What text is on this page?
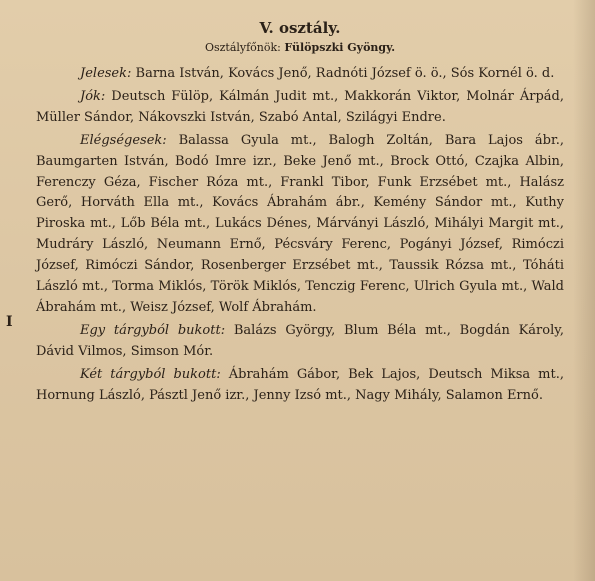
I
V. osztály.
Osztályfőnök: Fülöpszki Gyöngy.

Jelesek: Barna István, Kovács Jenő, Radnóti József ö. ö., Sós Kornél ö. d.

Jók: Deutsch Fülöp, Kálmán Judit mt., Makkorán Viktor, Molnár Árpád, Müller Sándor, Nákovszki István, Szabó Antal, Szilágyi Endre.

Elégségesek: Balassa Gyula mt., Balogh Zoltán, Bara Lajos ábr., Baumgarten István, Bodó Imre izr., Beke Jenő mt., Brock Ottó, Czajka Albin, Ferenczy Géza, Fischer Róza mt., Frankl Tibor, Funk Erzsébet mt., Halász Gerő, Horváth Ella mt., Kovács Ábrahám ábr., Kemény Sándor mt., Kuthy Piroska mt., Lőb Béla mt., Lukács Dénes, Márványi László, Mihályi Margit mt., Mudráry László, Neumann Ernő, Pécsváry Ferenc, Pogányi József, Rimóczi József, Rimóczi Sándor, Rosenberger Erzsébet mt., Taussik Rózsa mt., Tóháti László mt., Torma Miklós, Török Miklós, Tenczig Ferenc, Ulrich Gyula mt., Wald Ábrahám mt., Weisz József, Wolf Ábrahám.

Egy tárgyból bukott: Balázs György, Blum Béla mt., Bogdán Károly, Dávid Vilmos, Simson Mór.

Két tárgyból bukott: Ábrahám Gábor, Bek Lajos, Deutsch Miksa mt., Hornung László, Pásztl Jenő izr., Jenny Izsó mt., Nagy Mihály, Salamon Ernő.
